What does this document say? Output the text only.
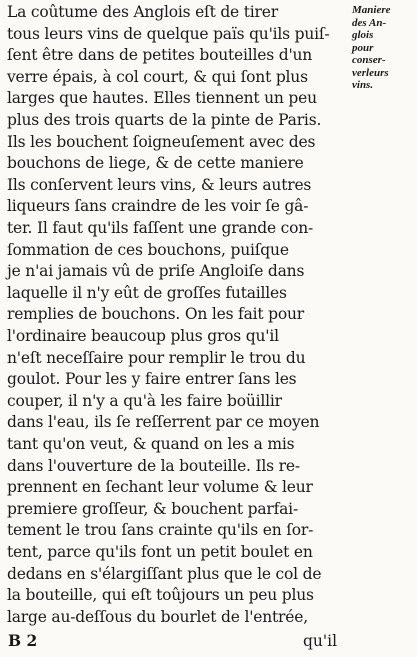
La coûtume des Anglois eſt de tirer
tous leurs vins de quelque païs qu'ils puiſ-
ſent être dans de petites bouteilles d'un
verre épais, à col court, & qui ſont plus
larges que hautes. Elles tiennent un peu
plus des trois quarts de la pinte de Paris.
Ils les bouchent ſoigneuſement avec des
bouchons de liege, & de cette maniere
Ils conſervent leurs vins, & leurs autres
liqueurs ſans craindre de les voir ſe gâ-
ter. Il faut qu'ils faſſent une grande con-
ſommation de ces bouchons, puiſque
je n'ai jamais vû de priſe Angloiſe dans
laquelle il n'y eût de groſſes futailles
remplies de bouchons. On les fait pour
l'ordinaire beaucoup plus gros qu'il
n'eſt neceſſaire pour remplir le trou du
goulot. Pour les y faire entrer ſans les
couper, il n'y a qu'à les faire boüillir
dans l'eau, ils ſe reſſerrent par ce moyen
tant qu'on veut, & quand on les a mis
dans l'ouverture de la bouteille. Ils re-
prennent en ſechant leur volume & leur
premiere groſſeur, & bouchent parfai-
tement le trou ſans crainte qu'ils en ſor-
tent, parce qu'ils font un petit boulet en
dedans en s'élargiſſant plus que le col de
la bouteille, qui eſt toûjours un peu plus
large au-deſſous du bourlet de l'entrée,
Maniere
des An-
glois
pour
conser-
verleurs
vins.
B 2	qu'il
